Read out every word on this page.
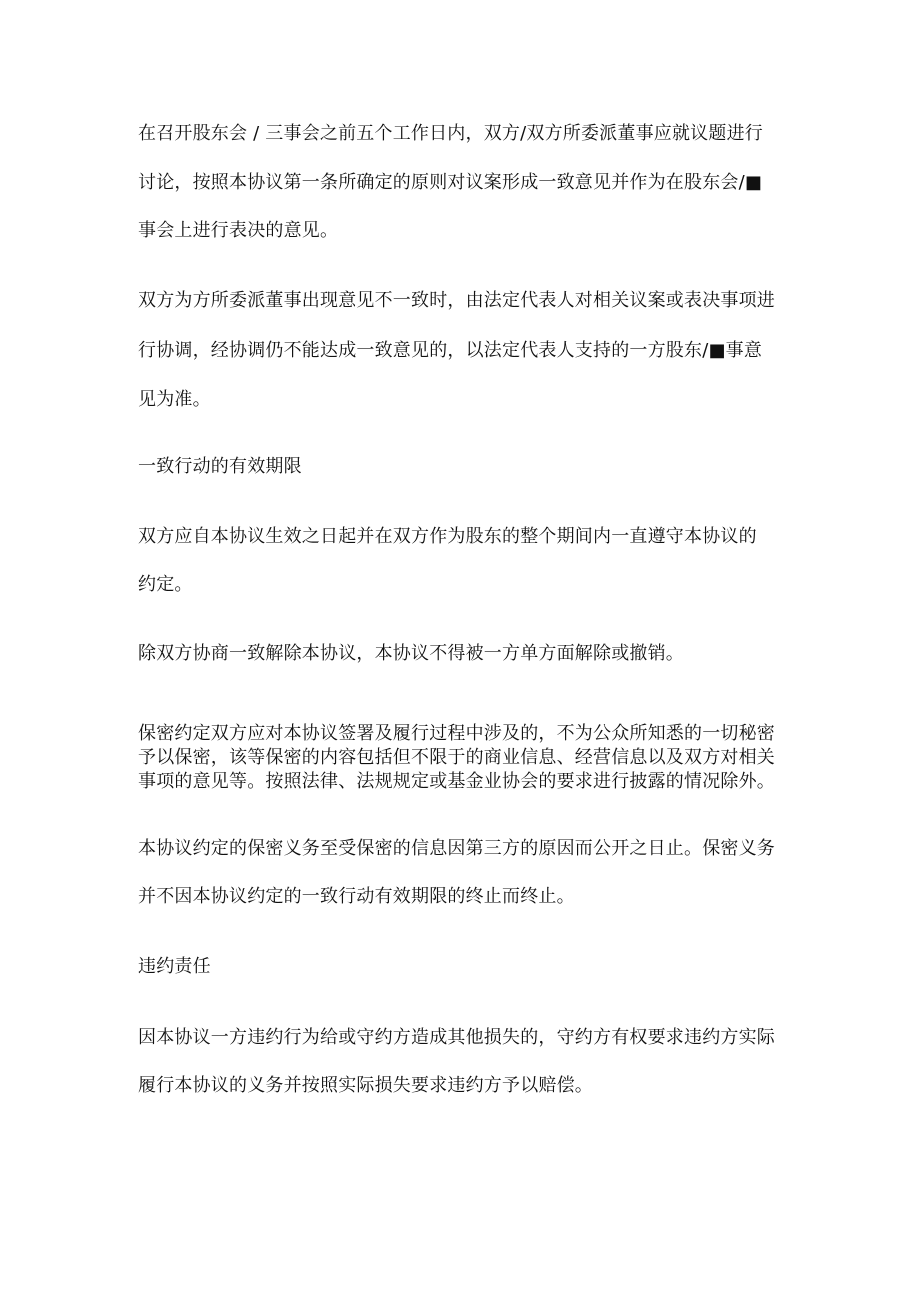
在召开股东会 / 三事会之前五个工作日内，双方/双方所委派董事应就议题进行
讨论，按照本协议第一条所确定的原则对议案形成一致意见并作为在股东会/■
事会上进行表决的意见。
双方为方所委派董事出现意见不一致时，由法定代表人对相关议案或表决事项进
行协调，经协调仍不能达成一致意见的，以法定代表人支持的一方股东/■事意
见为准。
一致行动的有效期限
双方应自本协议生效之日起并在双方作为股东的整个期间内一直遵守本协议的
约定。
除双方协商一致解除本协议，本协议不得被一方单方面解除或撤销。
保密约定双方应对本协议签署及履行过程中涉及的，不为公众所知悉的一切秘密
予以保密，该等保密的内容包括但不限于的商业信息、经营信息以及双方对相关
事项的意见等。按照法律、法规规定或基金业协会的要求进行披露的情况除外。
本协议约定的保密义务至受保密的信息因第三方的原因而公开之日止。保密义务
并不因本协议约定的一致行动有效期限的终止而终止。
违约责任
因本协议一方违约行为给或守约方造成其他损失的，守约方有权要求违约方实际
履行本协议的义务并按照实际损失要求违约方予以赔偿。
